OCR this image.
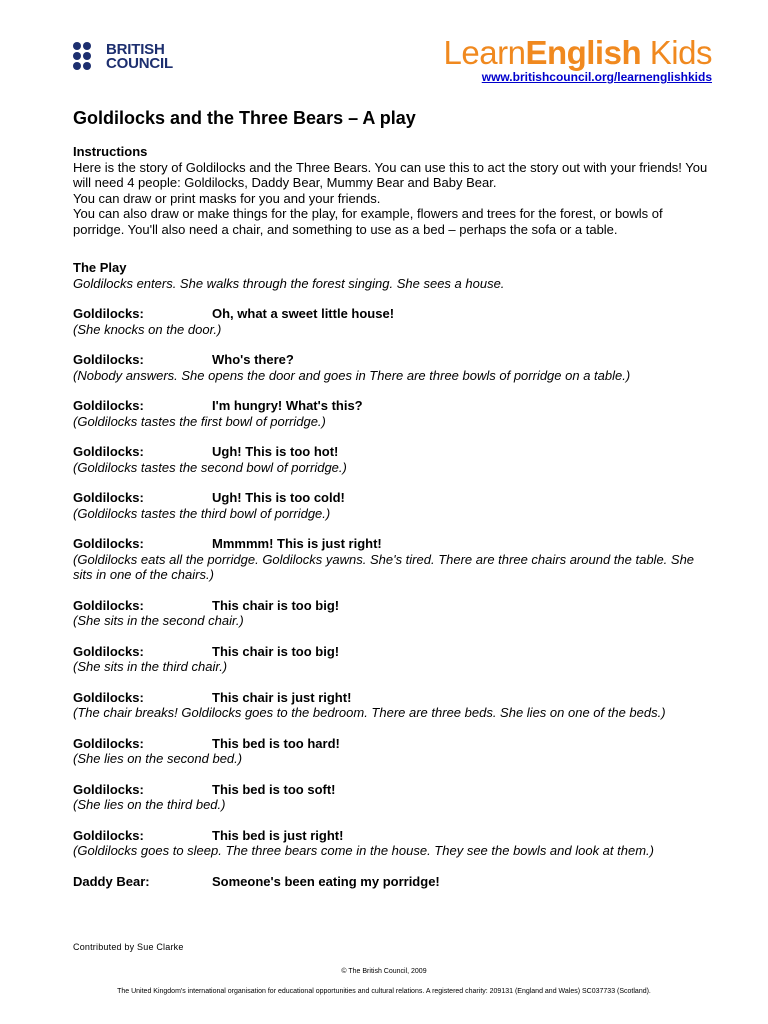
BRITISH
COUNCIL	LearnEnglish Kids
www.britishcouncil.org/learnenglishkids
Goldilocks and the Three Bears – A play

Instructions

Here is the story of Goldilocks and the Three Bears. You can use this to act the story out with your friends! You will need 4 people: Goldilocks, Daddy Bear, Mummy Bear and Baby Bear.

You can draw or print masks for you and your friends.

You can also draw or make things for the play, for example, flowers and trees for the forest, or bowls of porridge. You'll also need a chair, and something to use as a bed – perhaps the sofa or a table.

The Play

Goldilocks enters. She walks through the forest singing. She sees a house.

Goldilocks:	Oh, what a sweet little house!

(She knocks on the door.)

Goldilocks:	Who's there?

(Nobody answers. She opens the door and goes in There are three bowls of porridge on a table.)

Goldilocks:	I'm hungry! What's this?

(Goldilocks tastes the first bowl of porridge.)

Goldilocks:	Ugh! This is too hot!

(Goldilocks tastes the second bowl of porridge.)

Goldilocks:	Ugh! This is too cold!

(Goldilocks tastes the third bowl of porridge.)

Goldilocks:	Mmmmm! This is just right!

(Goldilocks eats all the porridge. Goldilocks yawns. She's tired. There are three chairs around the table. She sits in one of the chairs.)

Goldilocks:	This chair is too big!

(She sits in the second chair.)

Goldilocks:	This chair is too big!

(She sits in the third chair.)

Goldilocks:	This chair is just right!

(The chair breaks! Goldilocks goes to the bedroom. There are three beds. She lies on one of the beds.)

Goldilocks:	This bed is too hard!

(She lies on the second bed.)

Goldilocks:	This bed is too soft!

(She lies on the third bed.)

Goldilocks:	This bed is just right!

(Goldilocks goes to sleep. The three bears come in the house. They see the bowls and look at them.)

Daddy Bear:	Someone's been eating my porridge!
Contributed by Sue Clarke
© The British Council, 2009
The United Kingdom's international organisation for educational opportunities and cultural relations. A registered charity: 209131 (England and Wales) SC037733 (Scotland).
